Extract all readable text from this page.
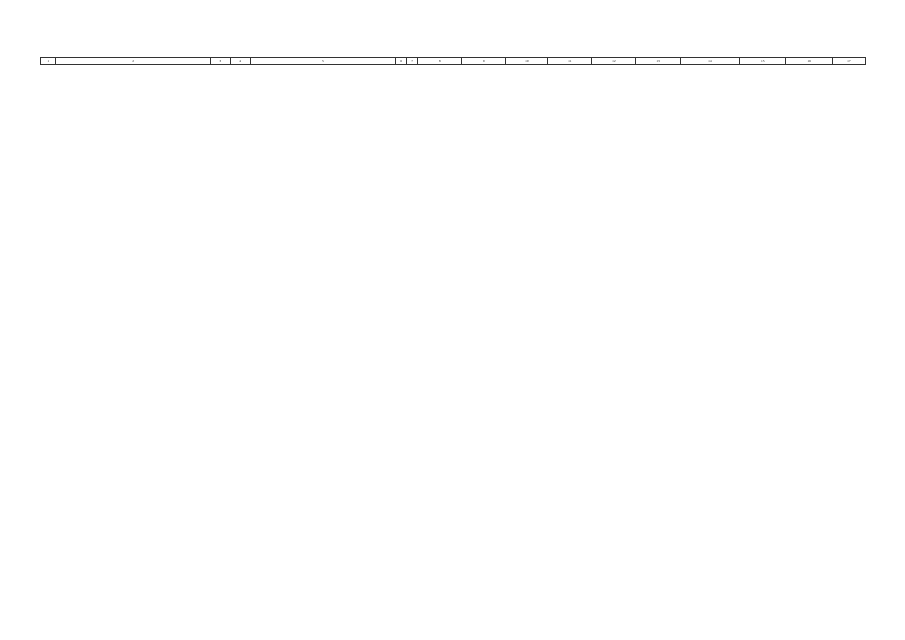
1	2	3	4	5	6	7	8	9	10	11	12	13	14	15	16	17
